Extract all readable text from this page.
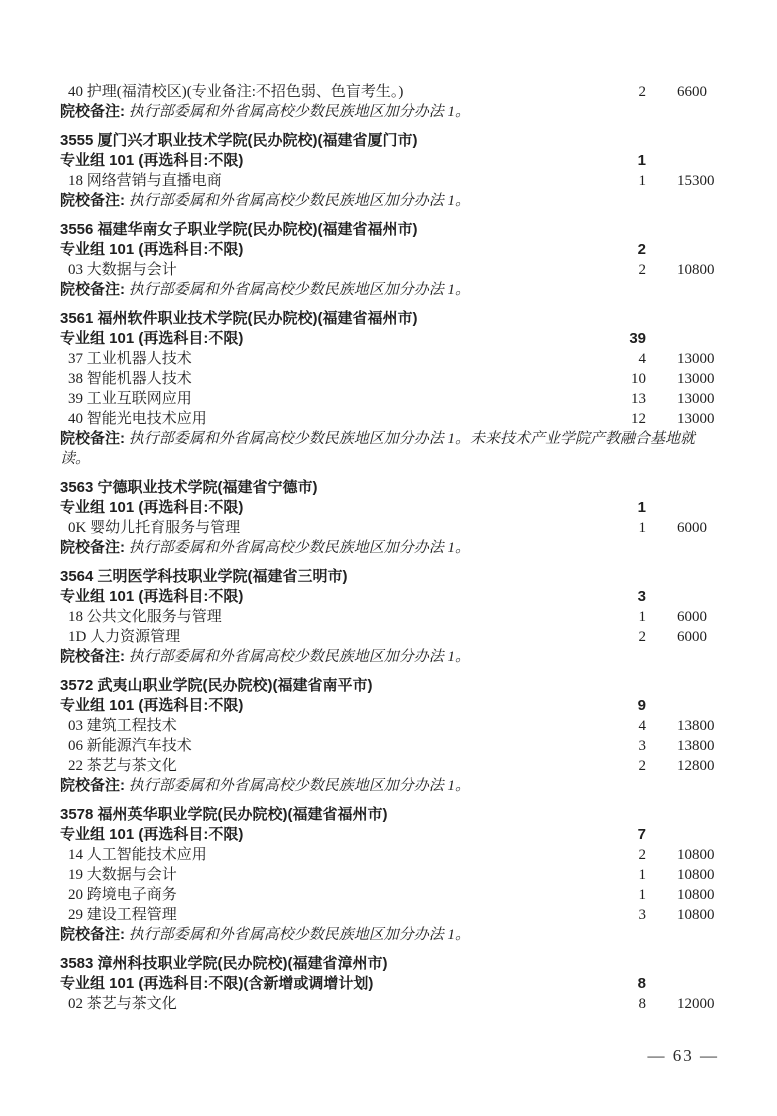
40 护理(福清校区)(专业备注:不招色弱、色盲考生。)	2	6600
院校备注: 执行部委属和外省属高校少数民族地区加分办法 1。
3555 厦门兴才职业技术学院(民办院校)(福建省厦门市)
专业组 101 (再选科目:不限)	1
18 网络营销与直播电商	1	15300
院校备注: 执行部委属和外省属高校少数民族地区加分办法 1。
3556 福建华南女子职业学院(民办院校)(福建省福州市)
专业组 101 (再选科目:不限)	2
03 大数据与会计	2	10800
院校备注: 执行部委属和外省属高校少数民族地区加分办法 1。
3561 福州软件职业技术学院(民办院校)(福建省福州市)
专业组 101 (再选科目:不限)	39
37 工业机器人技术	4	13000
38 智能机器人技术	10	13000
39 工业互联网应用	13	13000
40 智能光电技术应用	12	13000
院校备注: 执行部委属和外省属高校少数民族地区加分办法 1。未来技术产业学院产教融合基地就读。
3563 宁德职业技术学院(福建省宁德市)
专业组 101 (再选科目:不限)	1
0K 婴幼儿托育服务与管理	1	6000
院校备注: 执行部委属和外省属高校少数民族地区加分办法 1。
3564 三明医学科技职业学院(福建省三明市)
专业组 101 (再选科目:不限)	3
18 公共文化服务与管理	1	6000
1D 人力资源管理	2	6000
院校备注: 执行部委属和外省属高校少数民族地区加分办法 1。
3572 武夷山职业学院(民办院校)(福建省南平市)
专业组 101 (再选科目:不限)	9
03 建筑工程技术	4	13800
06 新能源汽车技术	3	13800
22 茶艺与茶文化	2	12800
院校备注: 执行部委属和外省属高校少数民族地区加分办法 1。
3578 福州英华职业学院(民办院校)(福建省福州市)
专业组 101 (再选科目:不限)	7
14 人工智能技术应用	2	10800
19 大数据与会计	1	10800
20 跨境电子商务	1	10800
29 建设工程管理	3	10800
院校备注: 执行部委属和外省属高校少数民族地区加分办法 1。
3583 漳州科技职业学院(民办院校)(福建省漳州市)
专业组 101 (再选科目:不限)(含新增或调增计划)	8
02 茶艺与茶文化	8	12000
— 63 —
